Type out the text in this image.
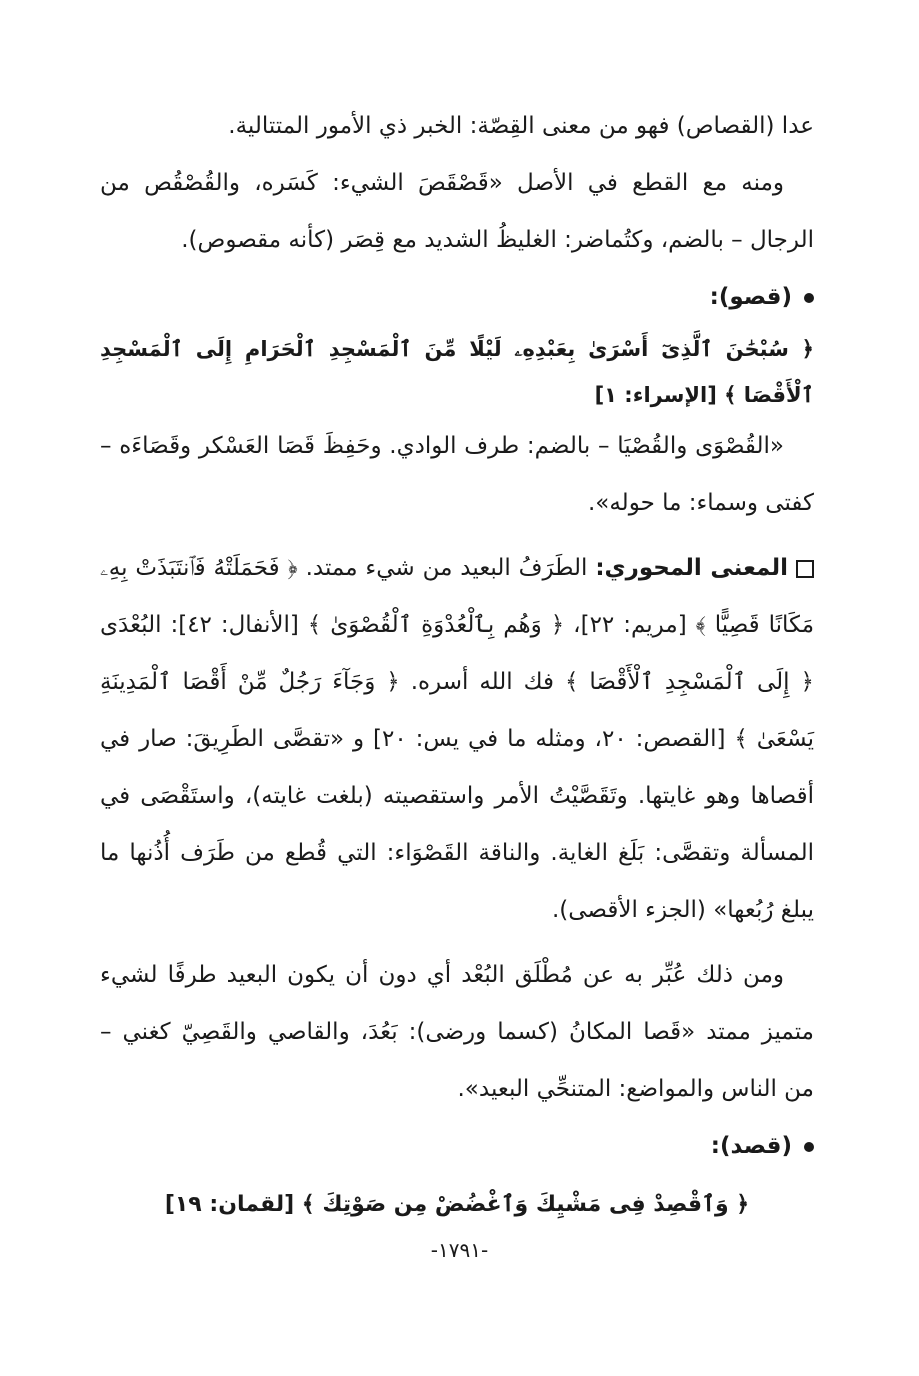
عدا (القصاص) فهو من معنى القِصّة: الخبر ذي الأمور المتتالية.

ومنه مع القطع في الأصل «قَصْقَصَ الشيء: كَسَره، والقُصْقُص من الرجال – بالضم، وكتُماضر: الغليظُ الشديد مع قِصَر (كأنه مقصوص).

(قصو):

﴿ سُبْحَٰنَ ٱلَّذِىٓ أَسْرَىٰ بِعَبْدِهِۦ لَيْلًا مِّنَ ٱلْمَسْجِدِ ٱلْحَرَامِ إِلَى ٱلْمَسْجِدِ ٱلْأَقْصَا ﴾ [الإسراء: ١]

«القُصْوَى والقُصْيَا – بالضم: طرف الوادي. وحَفِظَ قَصَا العَسْكر وقَصَاءَه – كفتى وسماء: ما حوله».

المعنى المحوري: الطَرَفُ البعيد من شيء ممتد. ﴿ فَحَمَلَتْهُ فَٱنتَبَذَتْ بِهِۦ مَكَانًا قَصِيًّا ﴾ [مريم: ٢٢]، ﴿ وَهُم بِٱلْعُدْوَةِ ٱلْقُصْوَىٰ ﴾ [الأنفال: ٤٢]: البُعْدَى ﴿ إِلَى ٱلْمَسْجِدِ ٱلْأَقْصَا ﴾ فك الله أسره. ﴿ وَجَآءَ رَجُلٌ مِّنْ أَقْصَا ٱلْمَدِينَةِ يَسْعَىٰ ﴾ [القصص: ٢٠، ومثله ما في يس: ٢٠] و «تقصَّى الطَرِيقَ: صار في أقصاها وهو غايتها. وتَقَصَّيْتُ الأمر واستقصيته (بلغت غايته)، واستَقْصَى في المسألة وتقصَّى: بَلَغ الغاية. والناقة القَصْوَاء: التي قُطع من طَرَف أُذُنها ما يبلغ رُبُعها» (الجزء الأقصى).

ومن ذلك عُبِّر به عن مُطْلَق البُعْد أي دون أن يكون البعيد طرفًا لشيء متميز ممتد «قَصا المكانُ (كسما ورضى): بَعُدَ، والقاصي والقَصِيّ كغني – من الناس والمواضع: المتنحِّي البعيد».

(قصد):

﴿ وَٱقْصِدْ فِى مَشْيِكَ وَٱغْضُضْ مِن صَوْتِكَ ﴾ [لقمان: ١٩]

-١٧٩١-
